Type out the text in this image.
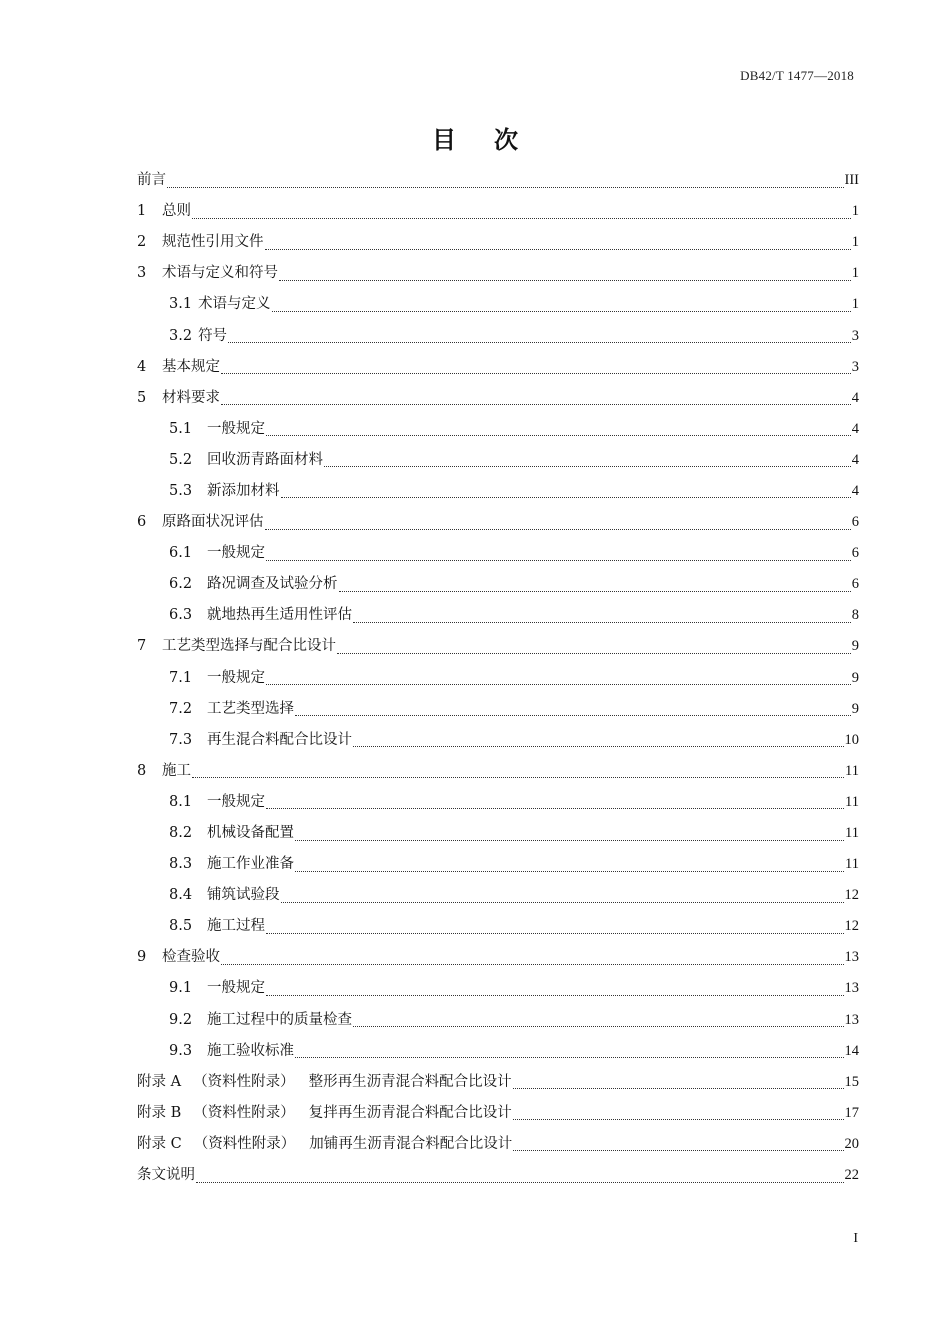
DB42/T 1477—2018
目次
前言	III
1	总则	1
2	规范性引用文件	1
3	术语与定义和符号	1
3.1 术语与定义	1
3.2 符号	3
4	基本规定	3
5	材料要求	4
5.1	一般规定	4
5.2	回收沥青路面材料	4
5.3	新添加材料	4
6	原路面状况评估	6
6.1	一般规定	6
6.2	路况调查及试验分析	6
6.3	就地热再生适用性评估	8
7	工艺类型选择与配合比设计	9
7.1	一般规定	9
7.2	工艺类型选择	9
7.3	再生混合料配合比设计	10
8	施工	11
8.1	一般规定	11
8.2	机械设备配置	11
8.3	施工作业准备	11
8.4	铺筑试验段	12
8.5	施工过程	12
9	检查验收	13
9.1	一般规定	13
9.2	施工过程中的质量检查	13
9.3	施工验收标准	14
附录 A （资料性附录） 整形再生沥青混合料配合比设计	15
附录 B （资料性附录） 复拌再生沥青混合料配合比设计	17
附录 C （资料性附录） 加铺再生沥青混合料配合比设计	20
条文说明	22
I
